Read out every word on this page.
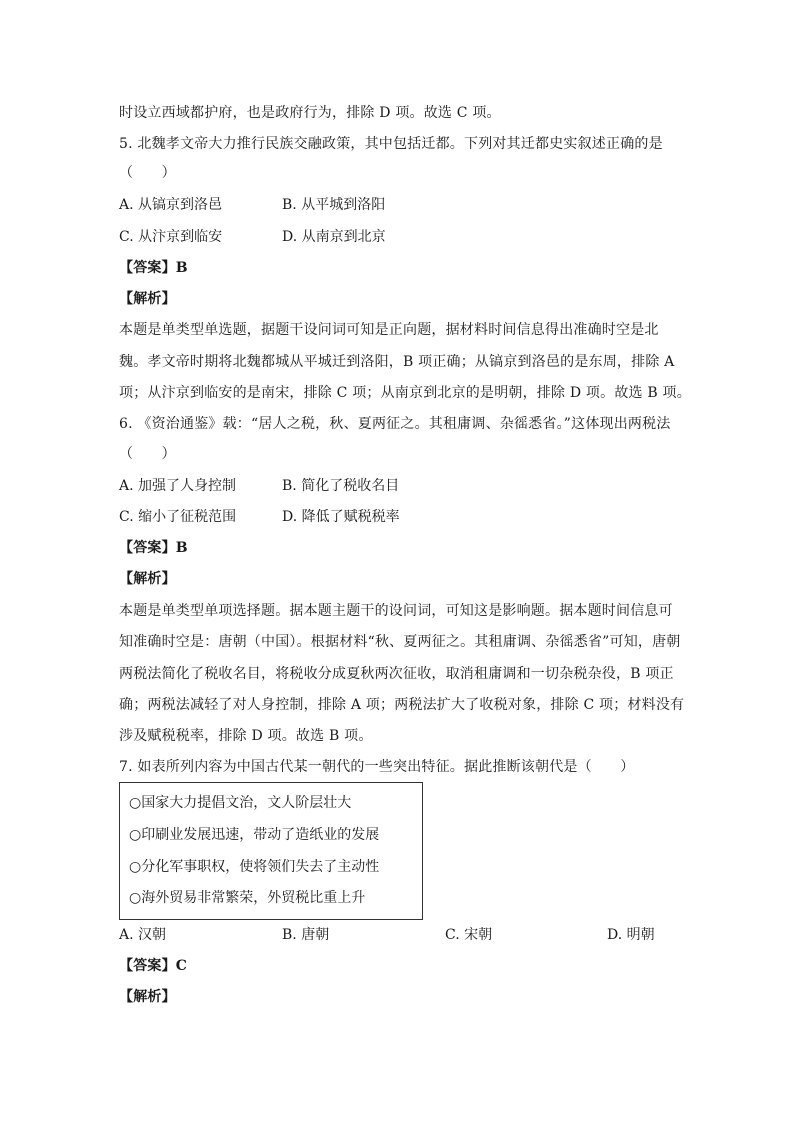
时设立西域都护府，也是政府行为，排除 D 项。故选 C 项。
5. 北魏孝文帝大力推行民族交融政策，其中包括迁都。下列对其迁都史实叙述正确的是
（　　）
A. 从镐京到洛邑	B. 从平城到洛阳
C. 从汴京到临安	D. 从南京到北京
【答案】B
【解析】
本题是单类型单选题，据题干设问词可知是正向题，据材料时间信息得出准确时空是北
魏。孝文帝时期将北魏都城从平城迁到洛阳，B 项正确；从镐京到洛邑的是东周，排除 A
项；从汴京到临安的是南宋，排除 C 项；从南京到北京的是明朝，排除 D 项。故选 B 项。
6. 《资治通鉴》载：“居人之税，秋、夏两征之。其租庸调、杂徭悉省。”这体现出两税法
（　　）
A. 加强了人身控制	B. 简化了税收名目
C. 缩小了征税范围	D. 降低了赋税税率
【答案】B
【解析】
本题是单类型单项选择题。据本题主题干的设问词，可知这是影响题。据本题时间信息可
知准确时空是：唐朝（中国）。根据材料“秋、夏两征之。其租庸调、杂徭悉省”可知，唐朝
两税法简化了税收名目，将税收分成夏秋两次征收，取消租庸调和一切杂税杂役，B 项正
确；两税法减轻了对人身控制，排除 A 项；两税法扩大了收税对象，排除 C 项；材料没有
涉及赋税税率，排除 D 项。故选 B 项。
7. 如表所列内容为中国古代某一朝代的一些突出特征。据此推断该朝代是（　　）
○国家大力提倡文治，文人阶层壮大
○印刷业发展迅速，带动了造纸业的发展
○分化军事职权，使将领们失去了主动性
○海外贸易非常繁荣，外贸税比重上升
A. 汉朝	B. 唐朝	C. 宋朝	D. 明朝
【答案】C
【解析】
